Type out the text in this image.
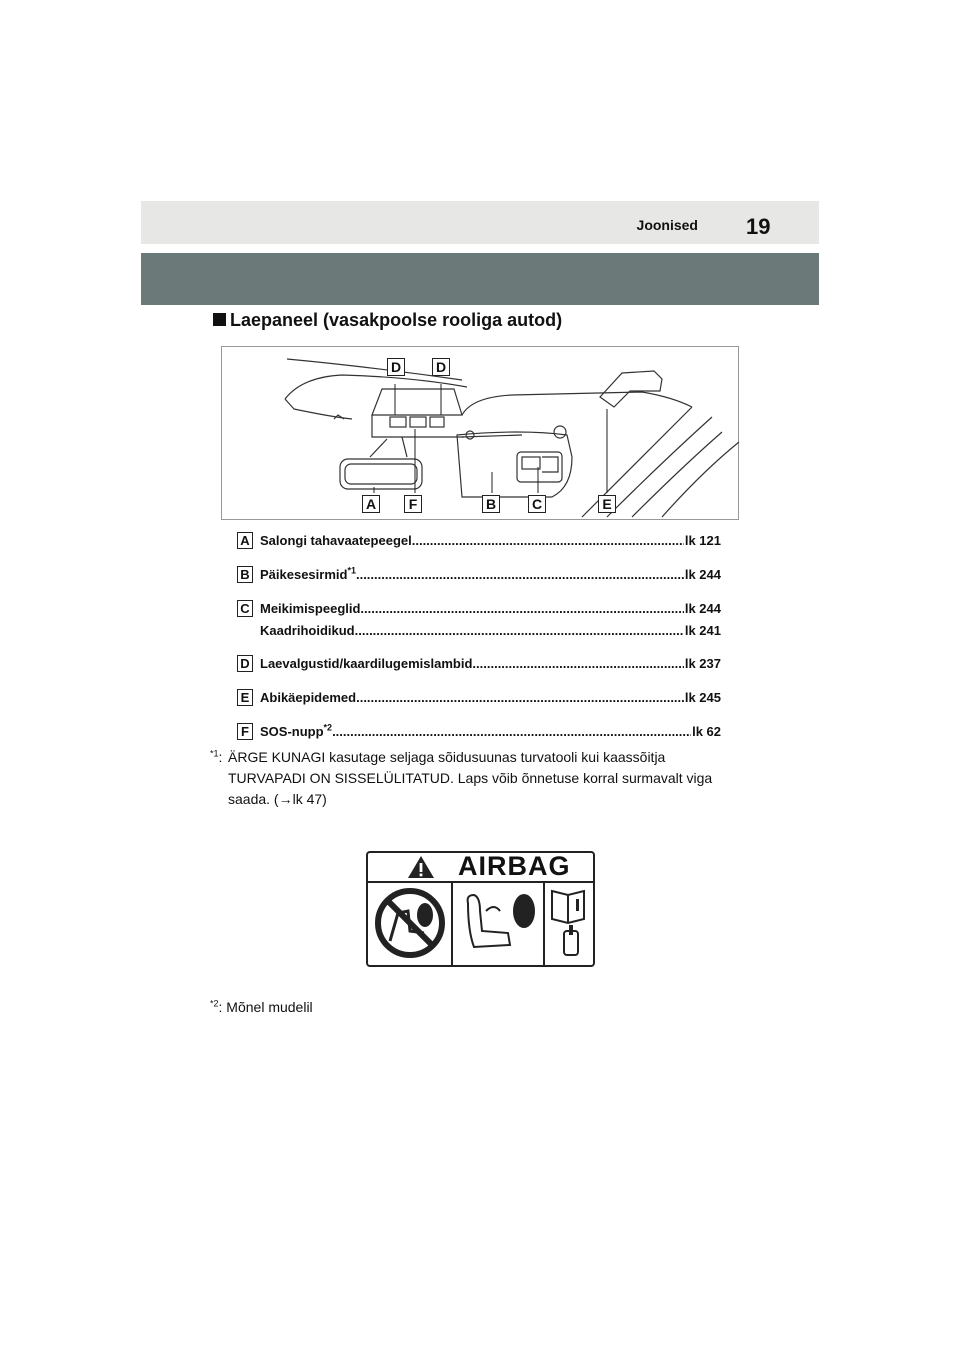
Joonised 19
Laepaneel (vasakpoolse rooliga autod)
D D
A	F	B	C	E
A Salongi tahavaatepeegel .....	lk 121
B Päikesesirmid$^{*1}$ .....	lk 244
C Meikimispeeglid .....	lk 244
Kaadrihoidikud .....	lk 241
D Laevalgustid/kaardilugemislambid .....	lk 237
E Abikäepidemed .....	lk 245
F SOS-nupp$^{*2}$ .....	lk 62
$^{*1}$: ÄRGE KUNAGI kasutage seljaga sõidusuunas turvatooli kui kaassõitja TURVAPADI ON SISSELÜLITATUD. Laps võib õnnetuse korral surmavalt viga saada. (→lk 47)
AIRBAG
$^{*2}$: Mõnel mudelil
